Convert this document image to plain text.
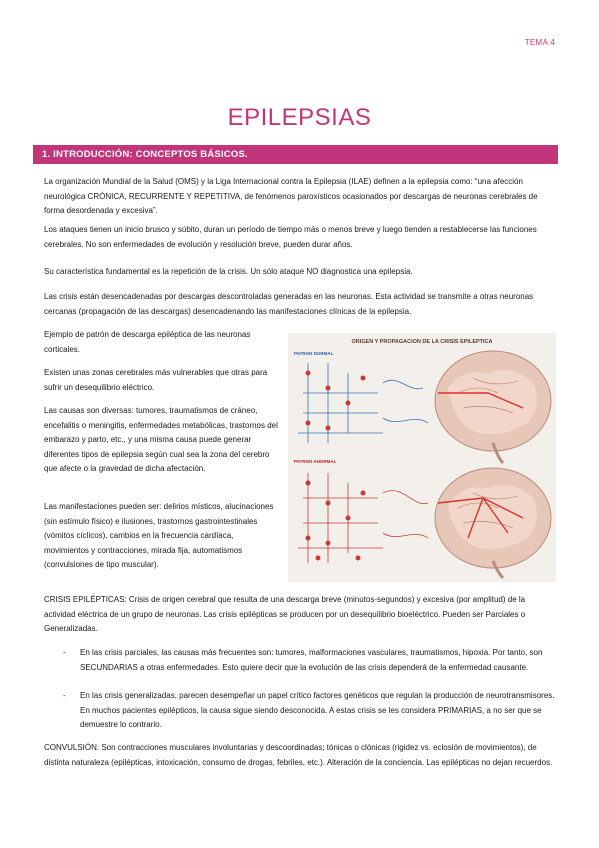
TEMA 4
EPILEPSIAS
1. INTRODUCCIÓN: CONCEPTOS BÁSICOS.

La organización Mundial de la Salud (OMS) y la Liga Internacional contra la Epilepsia (ILAE) definen a la epilepsia como: “una afección neurológica CRÓNICA, RECURRENTE Y REPETITIVA, de fenómenos paroxísticos ocasionados por descargas de neuronas cerebrales de forma desordenada y excesiva”.

Los ataques tienen un inicio brusco y súbito, duran un período de tiempo más o menos breve y luego tienden a restablecerse las funciones cerebrales. No son enfermedades de evolución y resolución breve, pueden durar años.

Su característica fundamental es la repetición de la crisis. Un sólo ataque NO diagnostica una epilepsia.

Las crisis están desencadenadas por descargas descontroladas generadas en las neuronas. Esta actividad se transmite a otras neuronas cercanas (propagación de las descargas) desencadenando las manifestaciones clínicas de la epilepsia.

Ejemplo de patrón de descarga epiléptica de las neuronas corticales.

Existen unas zonas cerebrales más vulnerables que otras para sufrir un desequilibrio eléctrico.

Las causas son diversas: tumores, traumatismos de cráneo, encefalitis o meningitis, enfermedades metabólicas, trastornos del embarazo y parto, etc., y una misma causa puede generar diferentes tipos de epilepsia según cual sea la zona del cerebro que afecte o la gravedad de dicha afectación.

Las manifestaciones pueden ser: delirios místicos, alucinaciones (sin estímulo físico) e ilusiones, trastornos gastrointestinales (vómitos cíclicos), cambios en la frecuencia cardíaca, movimientos y contracciones, mirada fija, automatismos (convulsiones de tipo muscular).

ORIGEN Y PROPAGACION DE LA CRISIS EPILEPTICA
PATRON NORMAL
PATRON ANORMAL

CRISIS EPILÉPTICAS: Crisis de origen cerebral que resulta de una descarga breve (minutos-segundos) y excesiva (por amplitud) de la actividad eléctrica de un grupo de neuronas. Las crisis epilépticas se producen por un desequilibrio bioeléctrico. Pueden ser Parciales o Generalizadas.

- En las crisis parciales, las causas más frecuentes son: tumores, malformaciones vasculares, traumatismos, hipoxia. Por tanto, son SECUNDARIAS a otras enfermedades. Esto quiere decir que la evolución de las crisis dependerá de la enfermedad causante.

- En las crisis generalizadas, parecen desempeñar un papel crítico factores genéticos que regulan la producción de neurotransmisores. En muchos pacientes epilépticos, la causa sigue siendo desconocida. A estas crisis se les considera PRIMARIAS, a no ser que se demuestre lo contrario.

CONVULSIÓN: Son contracciones musculares involuntarias y descoordinadas; tónicas o clónicas (rigidez vs. eclosión de movimientos), de distinta naturaleza (epilépticas, intoxicación, consumo de drogas, febriles, etc.). Alteración de la conciencia. Las epilépticas no dejan recuerdos.
